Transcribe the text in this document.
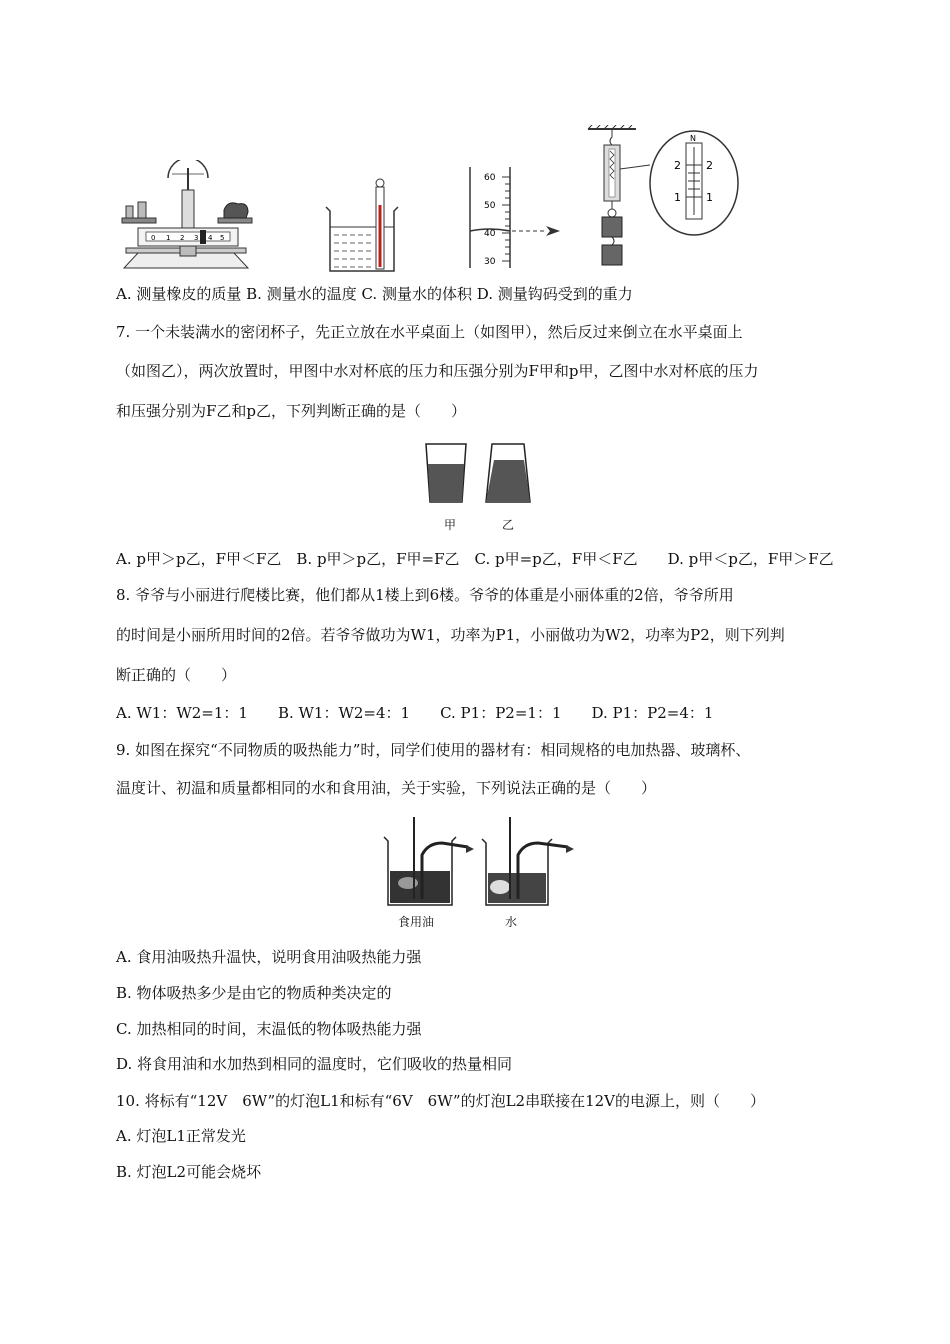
0 1 2 3 4 5
60
50
40
30
N
2 2
1 1
A. 测量橡皮的质量 B. 测量水的温度 C. 测量水的体积 D. 测量钩码受到的重力
7. 一个未装满水的密闭杯子，先正立放在水平桌面上（如图甲），然后反过来倒立在水平桌面上
（如图乙），两次放置时，甲图中水对杯底的压力和压强分别为F甲和p甲，乙图中水对杯底的压力
和压强分别为F乙和p乙，下列判断正确的是（　　）
甲	乙
A. p甲＞p乙，F甲＜F乙　B. p甲＞p乙，F甲=F乙　C. p甲=p乙，F甲＜F乙　　D. p甲＜p乙，F甲＞F乙
8. 爷爷与小丽进行爬楼比赛，他们都从1楼上到6楼。爷爷的体重是小丽体重的2倍，爷爷所用
的时间是小丽所用时间的2倍。若爷爷做功为W1，功率为P1，小丽做功为W2，功率为P2，则下列判
断正确的（　　）
A. W1：W2=1：1　　B. W1：W2=4：1　　C. P1：P2=1：1　　D. P1：P2=4：1
9. 如图在探究“不同物质的吸热能力”时，同学们使用的器材有：相同规格的电加热器、玻璃杯、
温度计、初温和质量都相同的水和食用油，关于实验，下列说法正确的是（　　）
食用油	水
A. 食用油吸热升温快，说明食用油吸热能力强
B. 物体吸热多少是由它的物质种类决定的
C. 加热相同的时间，末温低的物体吸热能力强
D. 将食用油和水加热到相同的温度时，它们吸收的热量相同
10. 将标有“12V　6W”的灯泡L1和标有“6V　6W”的灯泡L2串联接在12V的电源上，则（　　）
A. 灯泡L1正常发光
B. 灯泡L2可能会烧坏
